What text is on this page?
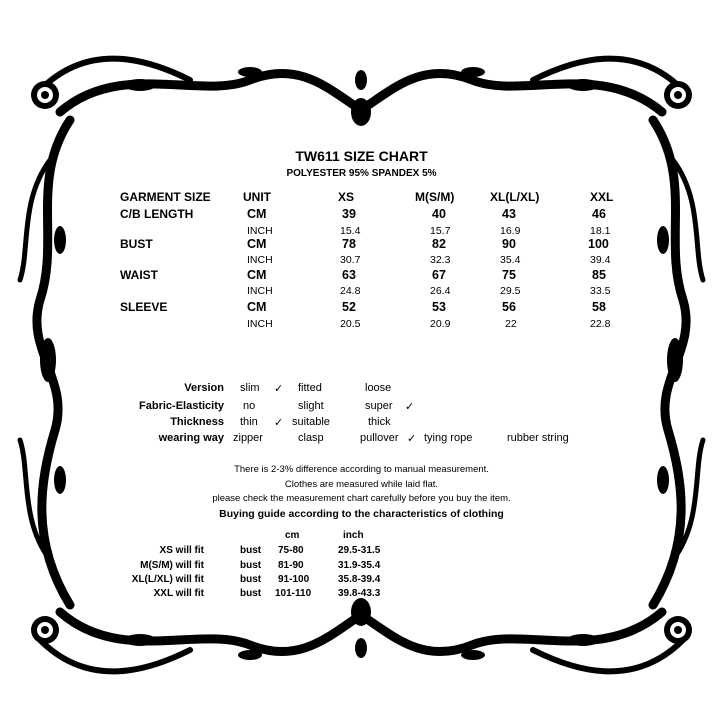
TW611 SIZE CHART
POLYESTER 95% SPANDEX 5%
GARMENT SIZE	UNIT	XS	M(S/M)	XL(L/XL)	XXL
C/B LENGTH	CM	39	40	43	46
INCH	15.4	15.7	16.9	18.1
BUST	CM	78	82	90	100
INCH	30.7	32.3	35.4	39.4
WAIST	CM	63	67	75	85
INCH	24.8	26.4	29.5	33.5
SLEEVE	CM	52	53	56	58
INCH	20.5	20.9	22	22.8
Version slim ✓ fitted	loose
Fabric-Elasticity no	slight	super ✓
Thickness thin ✓ suitable	thick
wearing way zipper	clasp	pullover ✓ tying rope	rubber string
There is 2-3% difference according to manual measurement.
Clothes are measured while laid flat.
please check the measurement chart carefully before you buy the item.
Buying guide according to the characteristics of clothing
cm	inch
XS will fit	bust 75-80	29.5-31.5
M(S/M) will fit	bust 81-90	31.9-35.4
XL(L/XL) will fit	bust 91-100	35.8-39.4
XXL will fit	bust 101-110	39.8-43.3
